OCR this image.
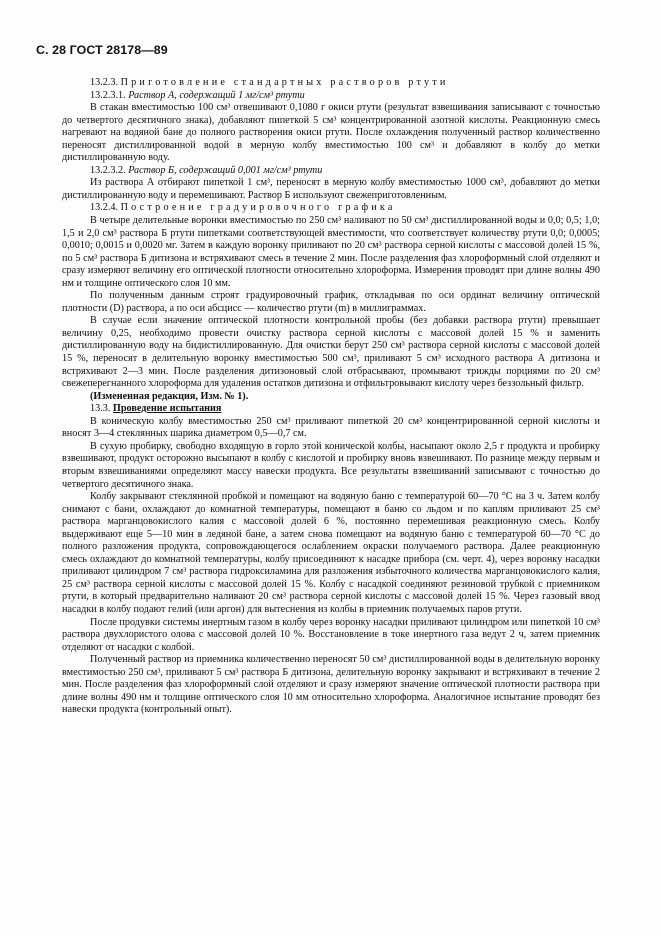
С. 28 ГОСТ 28178—89

13.2.3. Приготовление стандартных растворов ртути

13.2.3.1. Раствор А, содержащий 1 мг/см³ ртути

В стакан вместимостью 100 см³ отвешивают 0,1080 г окиси ртути (результат взвешивания записывают с точностью до четвертого десятичного знака), добавляют пипеткой 5 см³ концентрированной азотной кислоты. Реакционную смесь нагревают на водяной бане до полного растворения окиси ртути. После охлаждения полученный раствор количественно переносят дистиллированной водой в мерную колбу вместимостью 100 см³ и добавляют в колбу до метки дистиллированную воду.

13.2.3.2. Раствор Б, содержащий 0,001 мг/см³ ртути

Из раствора А отбирают пипеткой 1 см³, переносят в мерную колбу вместимостью 1000 см³, добавляют до метки дистиллированную воду и перемешивают. Раствор Б используют свежеприготовленным.

13.2.4. Построение градуировочного графика

В четыре делительные воронки вместимостью по 250 см³ наливают по 50 см³ дистиллированной воды и 0,0; 0,5; 1,0; 1,5 и 2,0 см³ раствора Б ртути пипетками соответствующей вместимости, что соответствует количеству ртути 0,0; 0,0005; 0,0010; 0,0015 и 0,0020 мг. Затем в каждую воронку приливают по 20 см³ раствора серной кислоты с массовой долей 15 %, по 5 см³ раствора Б дитизона и встряхивают смесь в течение 2 мин. После разделения фаз хлороформный слой отделяют и сразу измеряют величину его оптической плотности относительно хлороформа. Измерения проводят при длине волны 490 нм и толщине оптического слоя 10 мм.

По полученным данным строят градуировочный график, откладывая по оси ординат величину оптической плотности (D) раствора, а по оси абсцисс — количество ртути (m) в миллиграммах.

В случае если значение оптической плотности контрольной пробы (без добавки раствора ртути) превышает величину 0,25, необходимо провести очистку раствора серной кислоты с массовой долей 15 % и заменить дистиллированную воду на бидистиллированную. Для очистки берут 250 см³ раствора серной кислоты с массовой долей 15 %, переносят в делительную воронку вместимостью 500 см³, приливают 5 см³ исходного раствора А дитизона и встряхивают 2—3 мин. После разделения дитизоновый слой отбрасывают, промывают трижды порциями по 20 см³ свежеперегнанного хлороформа для удаления остатков дитизона и отфильтровывают кислоту через беззольный фильтр.

(Измененная редакция, Изм. № 1).

13.3. Проведение испытания

В коническую колбу вместимостью 250 см³ приливают пипеткой 20 см³ концентрированной серной кислоты и вносят 3—4 стеклянных шарика диаметром 0,5—0,7 см.

В сухую пробирку, свободно входящую в горло этой конической колбы, насыпают около 2,5 г продукта и пробирку взвешивают, продукт осторожно высыпают в колбу с кислотой и пробирку вновь взвешивают. По разнице между первым и вторым взвешиваниями определяют массу навески продукта. Все результаты взвешиваний записывают с точностью до четвертого десятичного знака.

Колбу закрывают стеклянной пробкой и помещают на водяную баню с температурой 60—70 °С на 3 ч. Затем колбу снимают с бани, охлаждают до комнатной температуры, помещают в баню со льдом и по каплям приливают 25 см³ раствора марганцовокислого калия с массовой долей 6 %, постоянно перемешивая реакционную смесь. Колбу выдерживают еще 5—10 мин в ледяной бане, а затем снова помещают на водяную баню с температурой 60—70 °С до полного разложения продукта, сопровождающегося ослаблением окраски получаемого раствора. Далее реакционную смесь охлаждают до комнатной температуры, колбу присоединяют к насадке прибора (см. черт. 4), через воронку насадки приливают цилиндром 7 см³ раствора гидроксиламина для разложения избыточного количества марганцовокислого калия, 25 см³ раствора серной кислоты с массовой долей 15 %. Колбу с насадкой соединяют резиновой трубкой с приемником ртути, в который предварительно наливают 20 см³ раствора серной кислоты с массовой долей 15 %. Через газовый ввод насадки в колбу подают гелий (или аргон) для вытеснения из колбы в приемник получаемых паров ртути.

После продувки системы инертным газом в колбу через воронку насадки приливают цилиндром или пипеткой 10 см³ раствора двухлористого олова с массовой долей 10 %. Восстановление в токе инертного газа ведут 2 ч, затем приемник отделяют от насадки с колбой.

Полученный раствор из приемника количественно переносят 50 см³ дистиллированной воды в делительную воронку вместимостью 250 см³, приливают 5 см³ раствора Б дитизона, делительную воронку закрывают и встряхивают в течение 2 мин. После разделения фаз хлороформный слой отделяют и сразу измеряют значение оптической плотности раствора при длине волны 490 нм и толщине оптического слоя 10 мм относительно хлороформа. Аналогичное испытание проводят без навески продукта (контрольный опыт).
